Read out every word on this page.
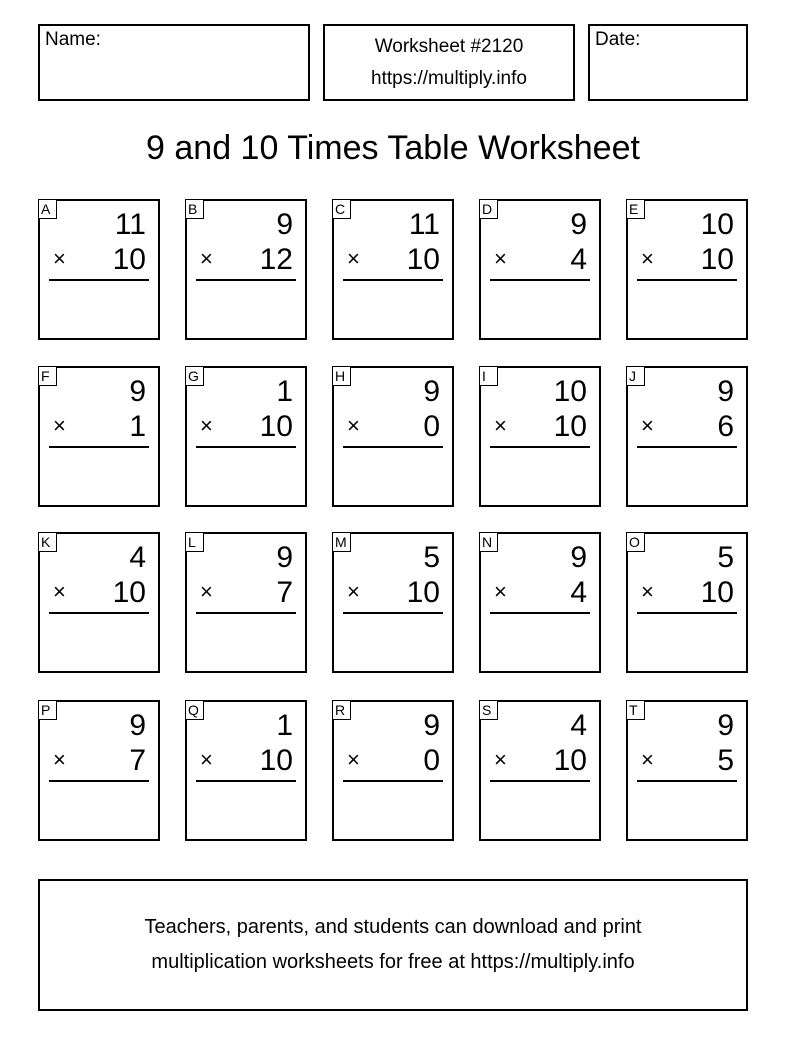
Name:	Worksheet #2120
https://multiply.info
Date:
9 and 10 Times Table Worksheet
A 11
× 10
B	9
× 12
C 11
× 10
D	9
× 4
E 10
× 10
F	9
× 1
G	1
× 10
H	9
× 0
I	10
× 10
J	9
× 6
K	4
× 10
L	9
× 7
M	5
× 10
N	9
× 4
O	5
× 10
P	9
× 7
Q	1
× 10
R	9
× 0
S	4
× 10
T	9
× 5
Teachers, parents, and students can download and print
multiplication worksheets for free at https://multiply.info
